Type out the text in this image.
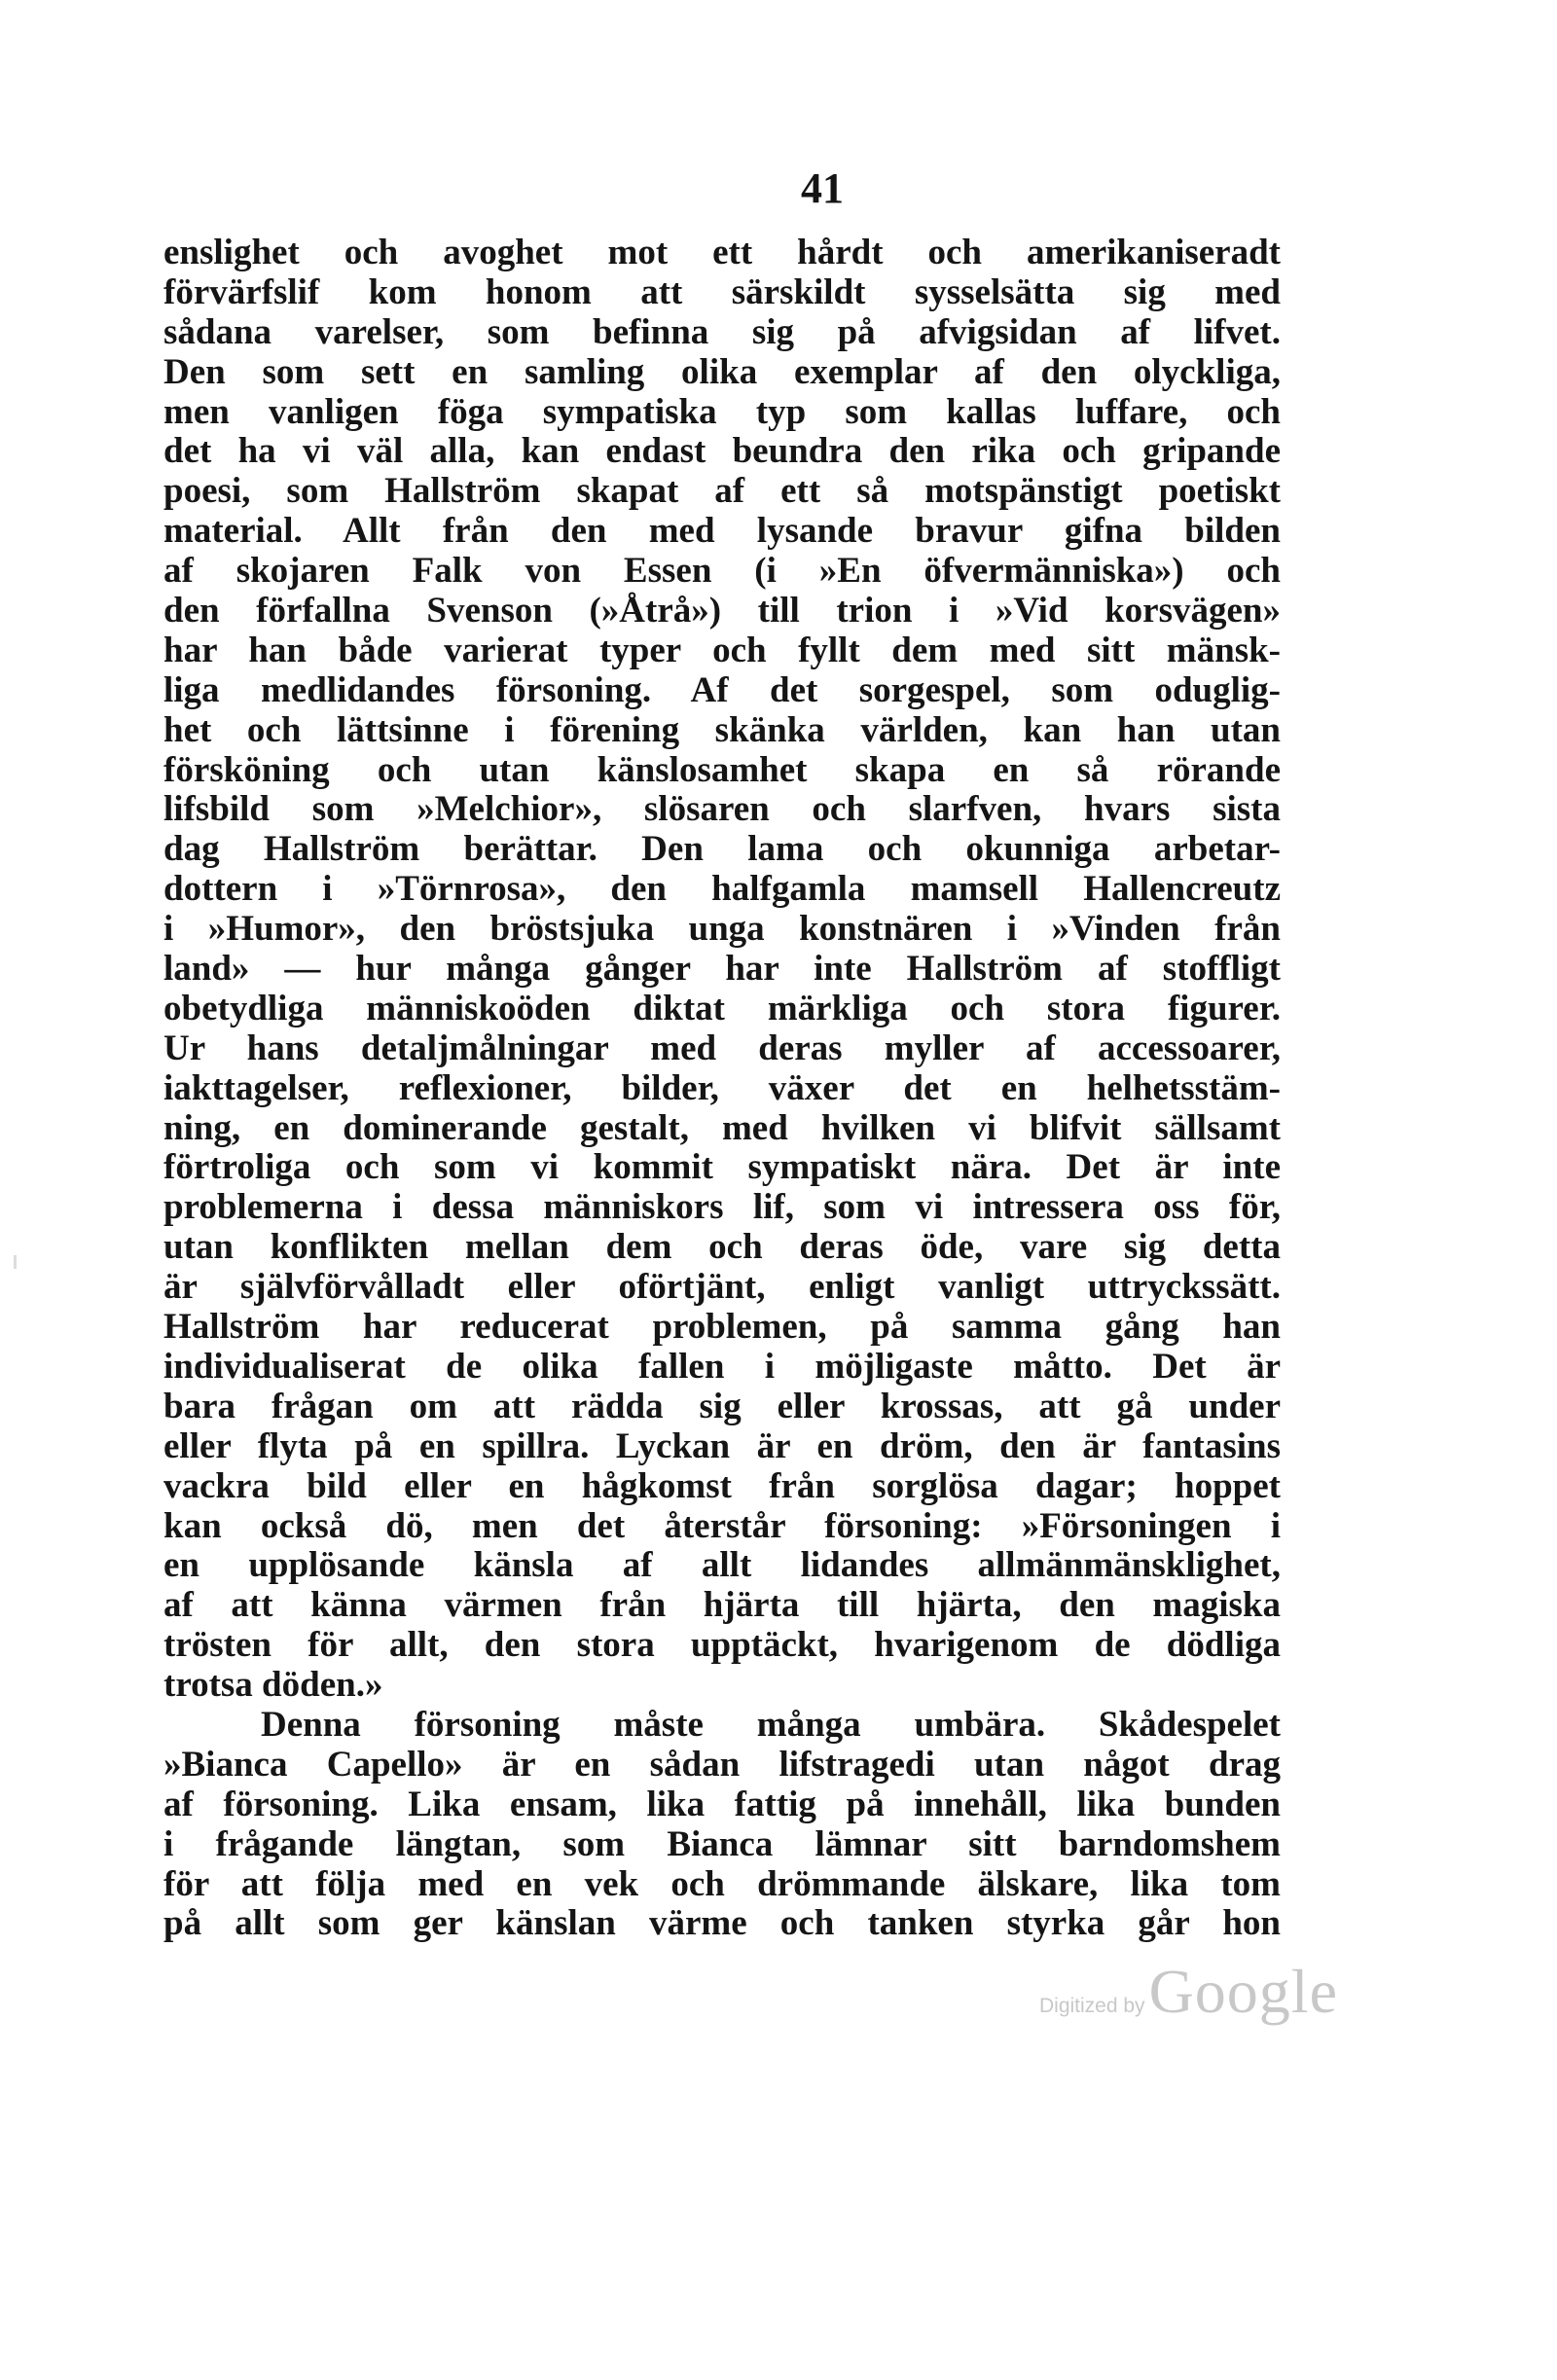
41
enslighet och avoghet mot ett hårdt och amerikaniseradt
förvärfslif kom honom att särskildt sysselsätta sig med
sådana varelser, som befinna sig på afvigsidan af lifvet.
Den som sett en samling olika exemplar af den olyckliga,
men vanligen föga sympatiska typ som kallas luffare, och
det ha vi väl alla, kan endast beundra den rika och gripande
poesi, som Hallström skapat af ett så motspänstigt poetiskt
material. Allt från den med lysande bravur gifna bilden
af skojaren Falk von Essen (i »En öfvermänniska») och
den förfallna Svenson (»Åtrå») till trion i »Vid korsvägen»
har han både varierat typer och fyllt dem med sitt mänsk-
liga medlidandes försoning. Af det sorgespel, som oduglig-
het och lättsinne i förening skänka världen, kan han utan
försköning och utan känslosamhet skapa en så rörande
lifsbild som »Melchior», slösaren och slarfven, hvars sista
dag Hallström berättar. Den lama och okunniga arbetar-
dottern i »Törnrosa», den halfgamla mamsell Hallencreutz
i »Humor», den bröstsjuka unga konstnären i »Vinden från
land» — hur många gånger har inte Hallström af stoffligt
obetydliga människoöden diktat märkliga och stora figurer.
Ur hans detaljmålningar med deras myller af accessoarer,
iakttagelser, reflexioner, bilder, växer det en helhetsstäm-
ning, en dominerande gestalt, med hvilken vi blifvit sällsamt
förtroliga och som vi kommit sympatiskt nära. Det är inte
problemerna i dessa människors lif, som vi intressera oss för,
utan konflikten mellan dem och deras öde, vare sig detta
är självförvålladt eller oförtjänt, enligt vanligt uttryckssätt.
Hallström har reducerat problemen, på samma gång han
individualiserat de olika fallen i möjligaste måtto. Det är
bara frågan om att rädda sig eller krossas, att gå under
eller flyta på en spillra. Lyckan är en dröm, den är fantasins
vackra bild eller en hågkomst från sorglösa dagar; hoppet
kan också dö, men det återstår försoning: »Försoningen i
en upplösande känsla af allt lidandes allmänmänsklighet,
af att känna värmen från hjärta till hjärta, den magiska
trösten för allt, den stora upptäckt, hvarigenom de dödliga
trotsa döden.»
Denna försoning måste många umbära. Skådespelet
»Bianca Capello» är en sådan lifstragedi utan något drag
af försoning. Lika ensam, lika fattig på innehåll, lika bunden
i frågande längtan, som Bianca lämnar sitt barndomshem
för att följa med en vek och drömmande älskare, lika tom
på allt som ger känslan värme och tanken styrka går hon
Digitized by Google
